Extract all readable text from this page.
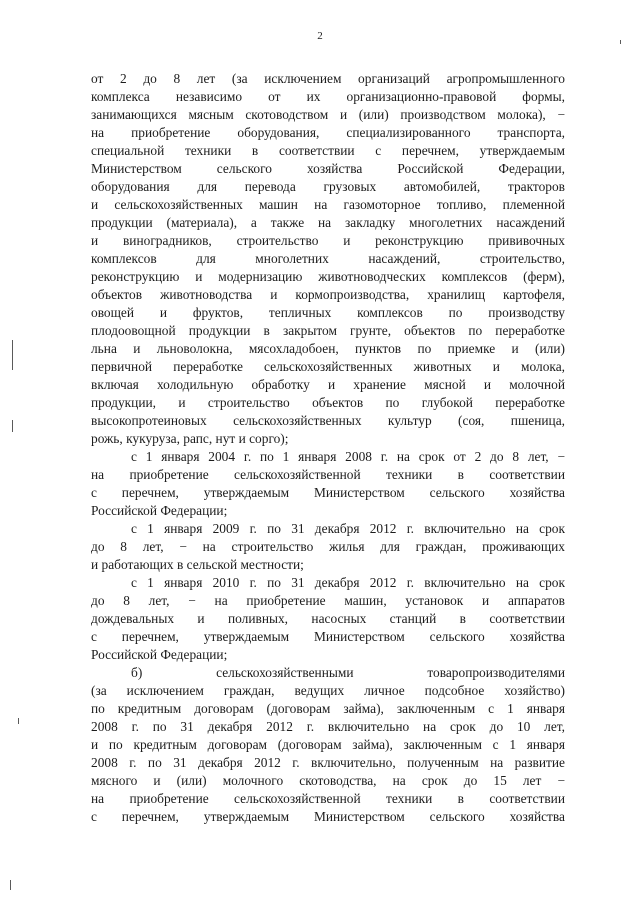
2
от 2 до 8 лет (за исключением организаций агропромышленного
комплекса независимо от их организационно-правовой формы,
занимающихся мясным скотоводством и (или) производством молока), −
на приобретение оборудования, специализированного транспорта,
специальной техники в соответствии с перечнем, утверждаемым
Министерством сельского хозяйства Российской Федерации,
оборудования для перевода грузовых автомобилей, тракторов
и сельскохозяйственных машин на газомоторное топливо, племенной
продукции (материала), а также на закладку многолетних насаждений
и виноградников, строительство и реконструкцию прививочных
комплексов для многолетних насаждений, строительство,
реконструкцию и модернизацию животноводческих комплексов (ферм),
объектов животноводства и кормопроизводства, хранилищ картофеля,
овощей и фруктов, тепличных комплексов по производству
плодоовощной продукции в закрытом грунте, объектов по переработке
льна и льноволокна, мясохладобоен, пунктов по приемке и (или)
первичной переработке сельскохозяйственных животных и молока,
включая холодильную обработку и хранение мясной и молочной
продукции, и строительство объектов по глубокой переработке
высокопротеиновых сельскохозяйственных культур (соя, пшеница,
рожь, кукуруза, рапс, нут и сорго);
с 1 января 2004 г. по 1 января 2008 г. на срок от 2 до 8 лет, −
на приобретение сельскохозяйственной техники в соответствии
с перечнем, утверждаемым Министерством сельского хозяйства
Российской Федерации;
с 1 января 2009 г. по 31 декабря 2012 г. включительно на срок
до 8 лет, − на строительство жилья для граждан, проживающих
и работающих в сельской местности;
с 1 января 2010 г. по 31 декабря 2012 г. включительно на срок
до 8 лет, − на приобретение машин, установок и аппаратов
дождевальных и поливных, насосных станций в соответствии
с перечнем, утверждаемым Министерством сельского хозяйства
Российской Федерации;
б) сельскохозяйственными товаропроизводителями
(за исключением граждан, ведущих личное подсобное хозяйство)
по кредитным договорам (договорам займа), заключенным с 1 января
2008 г. по 31 декабря 2012 г. включительно на срок до 10 лет,
и по кредитным договорам (договорам займа), заключенным с 1 января
2008 г. по 31 декабря 2012 г. включительно, полученным на развитие
мясного и (или) молочного скотоводства, на срок до 15 лет −
на приобретение сельскохозяйственной техники в соответствии
с перечнем, утверждаемым Министерством сельского хозяйства
